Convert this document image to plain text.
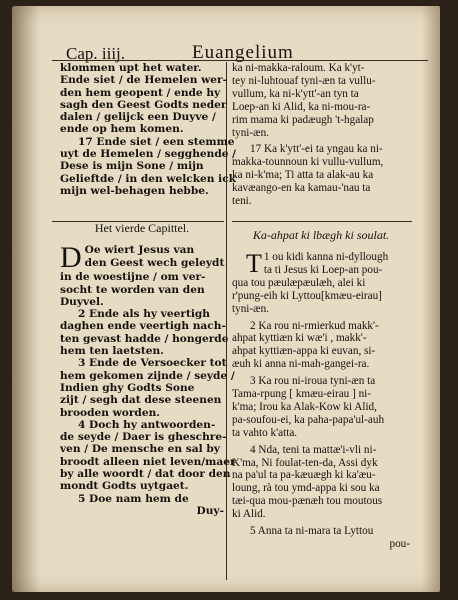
Cap. iiij.	Euangelium
klommen upt het water.
Ende siet / de Hemelen wer-
den hem geopent / ende hy
sagh den Geest Godts neder
dalen / gelijck een Duyve /
ende op hem komen.
17 Ende siet / een stemme
uyt de Hemelen / segghende /
Dese is mijn Sone / mijn
Gelieftde / in den welcken ick
mijn wel-behagen hebbe.
Het vierde Capittel.
D Oe wiert Jesus van
den Geest wech geleydt
in de woestijne / om ver-
socht te worden van den
Duyvel.
2 Ende als hy veertigh
daghen ende veertigh nach-
ten gevast hadde / hongerde
hem ten laetsten.
3 Ende de Versoecker tot
hem gekomen zijnde / seyde /
Indien ghy Godts Sone
zijt / segh dat dese steenen
brooden worden.
4 Doch hy antwoorden-
de seyde / Daer is gheschre-
ven / De mensche en sal by
broodt alleen niet leven/maer
by alle woordt / dat door den
mondt Godts uytgaet.
5 Doe nam hem de
Duy-
ka ni-makka-raloum. Ka k'yt-
tey ni-luhtouaf tyni-æn ta vullu-
vullum, ka ni-k'ytt'-an tyn ta
Loep-an ki Alid, ka ni-mou-ra-
rim mama ki padæugh 't-hgalap
tyni-æn.
17 Ka k'ytt'-ei ta yngau ka ni-
makka-tounnoun ki vullu-vullum,
ka ni-k'ma; Ti atta ta alak-au ka
kavæango-en ka kamau-'nau ta
teni.
Ka-ahpat ki lbægh ki soulat.
T 1 ou kidi kanna ni-dyllough
ta ti Jesus ki Loep-an pou-
qua tou pæulæpæulæh, alei ki
r'pung-eih ki Lyttou[kmæu-eirau]
tyni-æn.
2 Ka rou ni-rmierkud makk'-
ahpat kyttiæn ki wæ'i , makk'-
ahpat kyttiæn-appa ki euvan, si-
æuh ki anna ni-mah-gangei-ra.
3 Ka rou ni-iroua tyni-æn ta
Tama-rpung [ kmæu-eirau ] ni-
k'ma; Irou ka Alak-Kow ki Alid,
pa-soufou-ei, ka paha-papa'ul-auh
ta vahto k'atta.
4 Nda, teni ta mattæ'i-vli ni-
K'ma, Ni foulat-ten-da, Assi dyk
na pa'ul ta pa-kæuægh ki ka'æu-
loung, rà tou ymd-appa ki sou ka
tæi-qua mou-pænæh tou moutous
ki Alid.
5 Anna ta ni-mara ta Lyttou
pou-
